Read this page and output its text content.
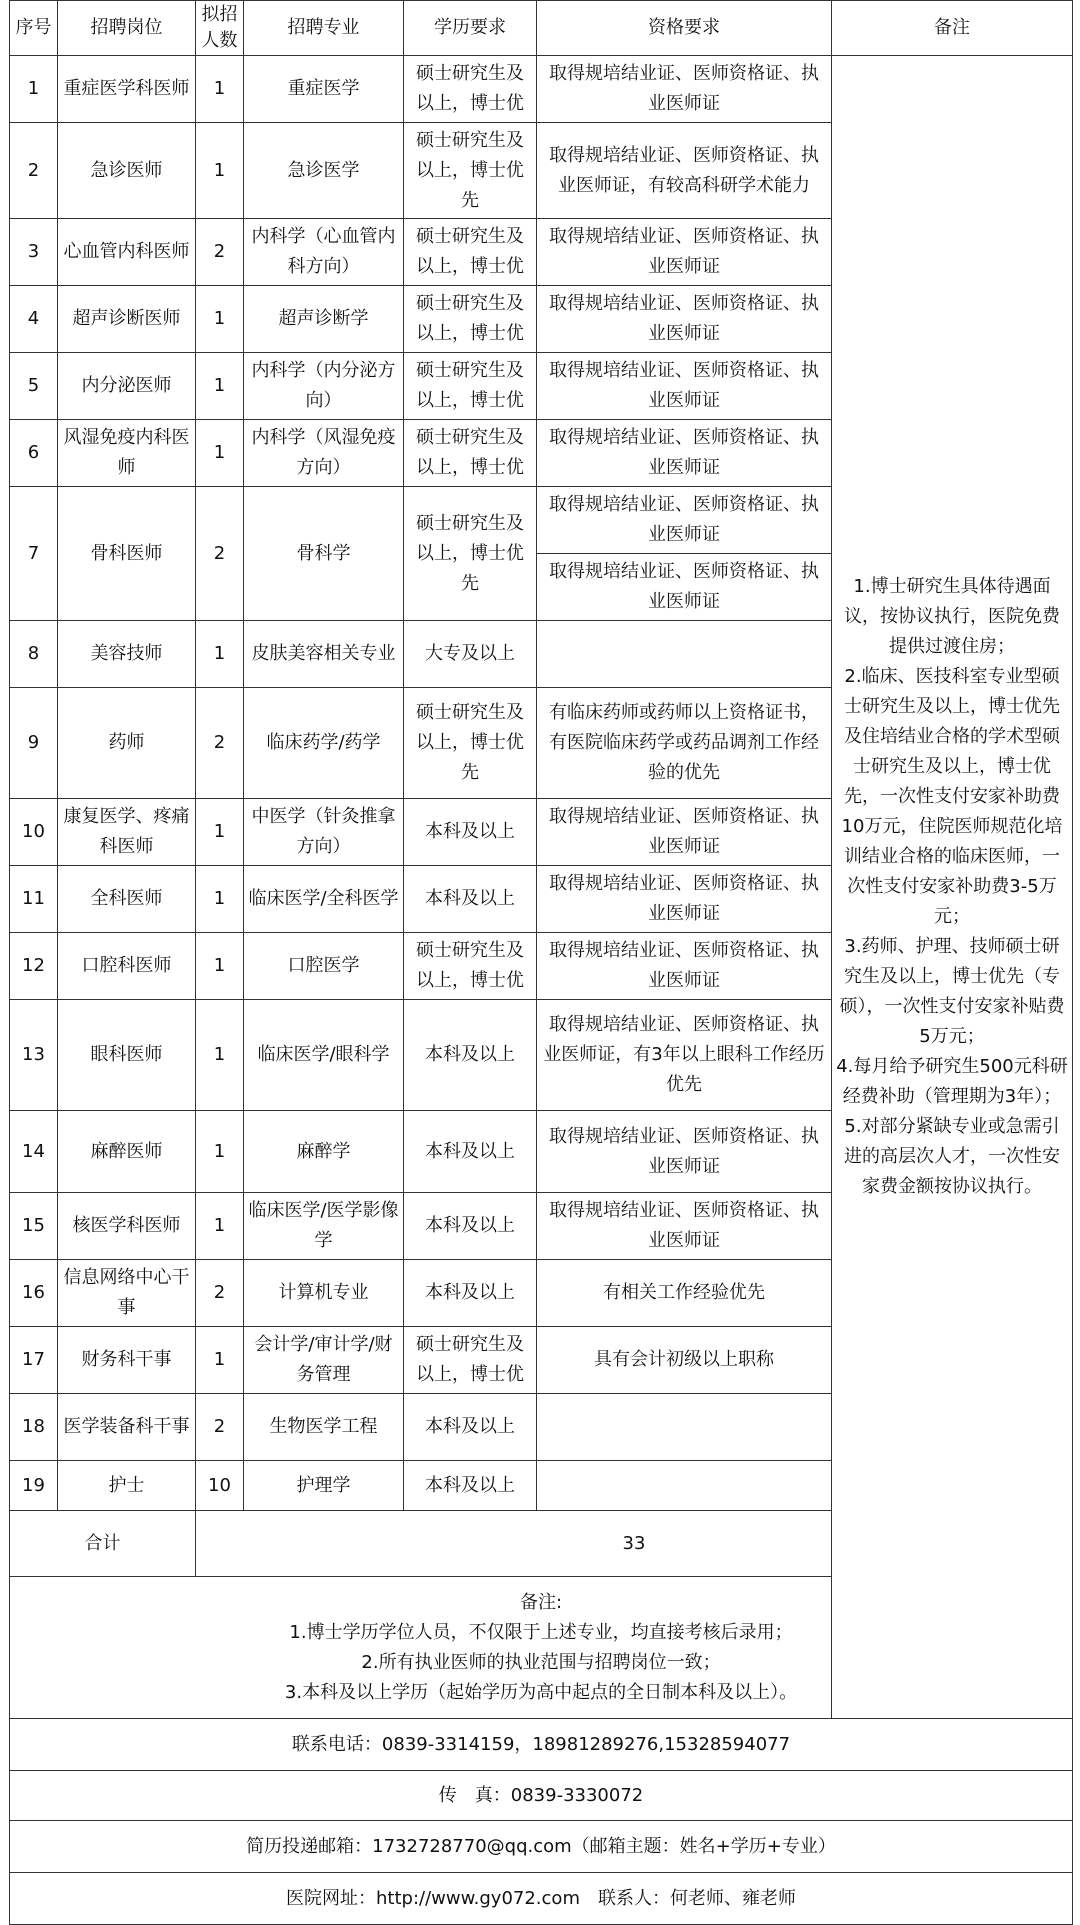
序号	招聘岗位	拟招人数	招聘专业	学历要求	资格要求	备注
1	重症医学科医师	1	重症医学	硕士研究生及以上，博士优	取得规培结业证、医师资格证、执业医师证	1.博士研究生具体待遇面议，按协议执行，医院免费提供过渡住房；
2.临床、医技科室专业型硕士研究生及以上，博士优先及住培结业合格的学术型硕士研究生及以上，博士优先，一次性支付安家补助费10万元，住院医师规范化培训结业合格的临床医师，一次性支付安家补助费3-5万元；
3.药师、护理、技师硕士研究生及以上，博士优先（专硕），一次性支付安家补贴费5万元；
4.每月给予研究生500元科研经费补助（管理期为3年）；
5.对部分紧缺专业或急需引进的高层次人才，一次性安家费金额按协议执行。
2	急诊医师	1	急诊医学	硕士研究生及以上，博士优先	取得规培结业证、医师资格证、执业医师证，有较高科研学术能力	
3	心血管内科医师	2	内科学（心血管内科方向）	硕士研究生及以上，博士优	取得规培结业证、医师资格证、执业医师证	
4	超声诊断医师	1	超声诊断学	硕士研究生及以上，博士优	取得规培结业证、医师资格证、执业医师证	
5	内分泌医师	1	内科学（内分泌方向）	硕士研究生及以上，博士优	取得规培结业证、医师资格证、执业医师证	
6	风湿免疫内科医师	1	内科学（风湿免疫方向）	硕士研究生及以上，博士优	取得规培结业证、医师资格证、执业医师证	
7	骨科医师	2	骨科学	硕士研究生及以上，博士优先	取得规培结业证、医师资格证、执业医师证	
					取得规培结业证、医师资格证、执业医师证	
8	美容技师	1	皮肤美容相关专业	大专及以上		
9	药师	2	临床药学/药学	硕士研究生及以上，博士优先	有临床药师或药师以上资格证书，有医院临床药学或药品调剂工作经验的优先	
10	康复医学、疼痛科医师	1	中医学（针灸推拿方向）	本科及以上	取得规培结业证、医师资格证、执业医师证	
11	全科医师	1	临床医学/全科医学	本科及以上	取得规培结业证、医师资格证、执业医师证	
12	口腔科医师	1	口腔医学	硕士研究生及以上，博士优	取得规培结业证、医师资格证、执业医师证	
13	眼科医师	1	临床医学/眼科学	本科及以上	取得规培结业证、医师资格证、执业医师证，有3年以上眼科工作经历优先	
14	麻醉医师	1	麻醉学	本科及以上	取得规培结业证、医师资格证、执业医师证	
15	核医学科医师	1	临床医学/医学影像学	本科及以上	取得规培结业证、医师资格证、执业医师证	
16	信息网络中心干事	2	计算机专业	本科及以上	有相关工作经验优先	
17	财务科干事	1	会计学/审计学/财务管理	硕士研究生及以上，博士优	具有会计初级以上职称	
18	医学装备科干事	2	生物医学工程	本科及以上		
19	护士	10	护理学	本科及以上		
合计		33				

备注:
1.博士学历学位人员，不仅限于上述专业，均直接考核后录用；
2.所有执业医师的执业范围与招聘岗位一致；
3.本科及以上学历（起始学历为高中起点的全日制本科及以上）。						

联系电话：0839-3314159，18981289276,15328594077						
传　真：0839-3330072						
简历投递邮箱：1732728770@qq.com（邮箱主题：姓名+学历+专业）						
医院网址：http://www.gy072.com　联系人：何老师、雍老师						
